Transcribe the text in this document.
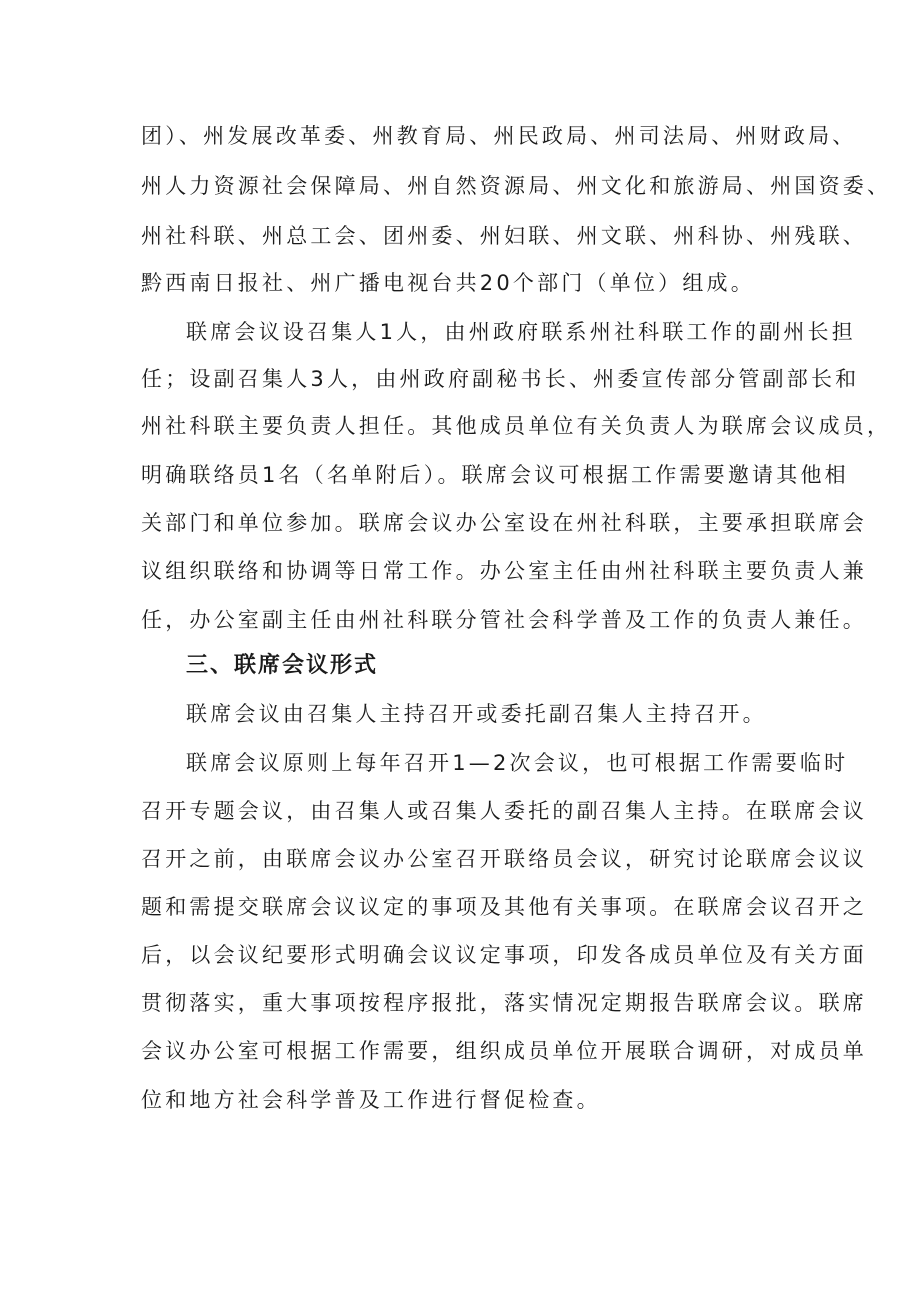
团）、州发展改革委、州教育局、州民政局、州司法局、州财政局、
州人力资源社会保障局、州自然资源局、州文化和旅游局、州国资委、
州社科联、州总工会、团州委、州妇联、州文联、州科协、州残联、
黔西南日报社、州广播电视台共20个部门（单位）组成。
联席会议设召集人1人，由州政府联系州社科联工作的副州长担
任；设副召集人3人，由州政府副秘书长、州委宣传部分管副部长和
州社科联主要负责人担任。其他成员单位有关负责人为联席会议成员，
明确联络员1名（名单附后）。联席会议可根据工作需要邀请其他相
关部门和单位参加。联席会议办公室设在州社科联，主要承担联席会
议组织联络和协调等日常工作。办公室主任由州社科联主要负责人兼
任，办公室副主任由州社科联分管社会科学普及工作的负责人兼任。
三、联席会议形式
联席会议由召集人主持召开或委托副召集人主持召开。
联席会议原则上每年召开1—2次会议，也可根据工作需要临时
召开专题会议，由召集人或召集人委托的副召集人主持。在联席会议
召开之前，由联席会议办公室召开联络员会议，研究讨论联席会议议
题和需提交联席会议议定的事项及其他有关事项。在联席会议召开之
后，以会议纪要形式明确会议议定事项，印发各成员单位及有关方面
贯彻落实，重大事项按程序报批，落实情况定期报告联席会议。联席
会议办公室可根据工作需要，组织成员单位开展联合调研，对成员单
位和地方社会科学普及工作进行督促检查。
